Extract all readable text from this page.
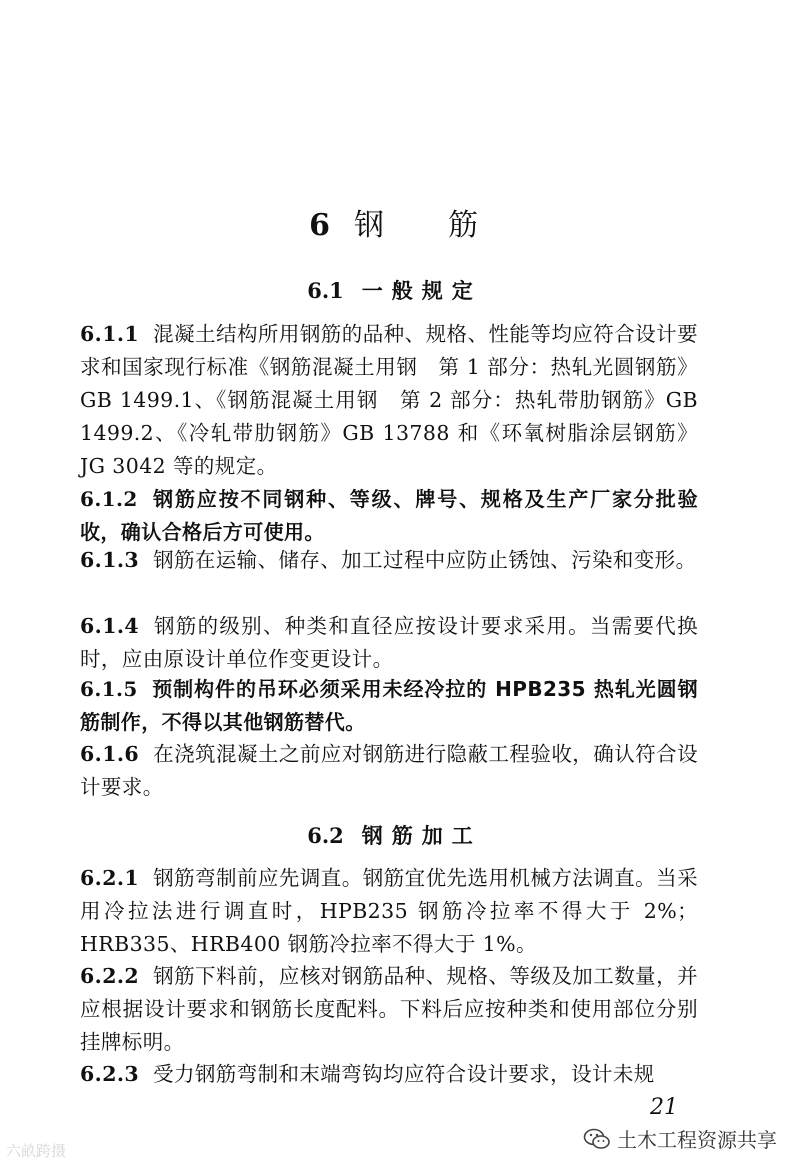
6 钢 筋
6.1 一般规定
6.1.1 混凝土结构所用钢筋的品种、规格、性能等均应符合设计要求和国家现行标准《钢筋混凝土用钢　第 1 部分：热轧光圆钢筋》GB 1499.1、《钢筋混凝土用钢　第 2 部分：热轧带肋钢筋》GB 1499.2、《冷轧带肋钢筋》GB 13788 和《环氧树脂涂层钢筋》JG 3042 等的规定。
6.1.2 钢筋应按不同钢种、等级、牌号、规格及生产厂家分批验收，确认合格后方可使用。
6.1.3 钢筋在运输、储存、加工过程中应防止锈蚀、污染和变形。
6.1.4 钢筋的级别、种类和直径应按设计要求采用。当需要代换时，应由原设计单位作变更设计。
6.1.5 预制构件的吊环必须采用未经冷拉的 HPB235 热轧光圆钢筋制作，不得以其他钢筋替代。
6.1.6 在浇筑混凝土之前应对钢筋进行隐蔽工程验收，确认符合设计要求。
6.2 钢筋加工
6.2.1 钢筋弯制前应先调直。钢筋宜优先选用机械方法调直。当采用冷拉法进行调直时，HPB235 钢筋冷拉率不得大于 2%；HRB335、HRB400 钢筋冷拉率不得大于 1%。
6.2.2 钢筋下料前，应核对钢筋品种、规格、等级及加工数量，并应根据设计要求和钢筋长度配料。下料后应按种类和使用部位分别挂牌标明。
6.2.3 受力钢筋弯制和末端弯钩均应符合设计要求，设计未规
21
六畝跨摄	土木工程资源共享
